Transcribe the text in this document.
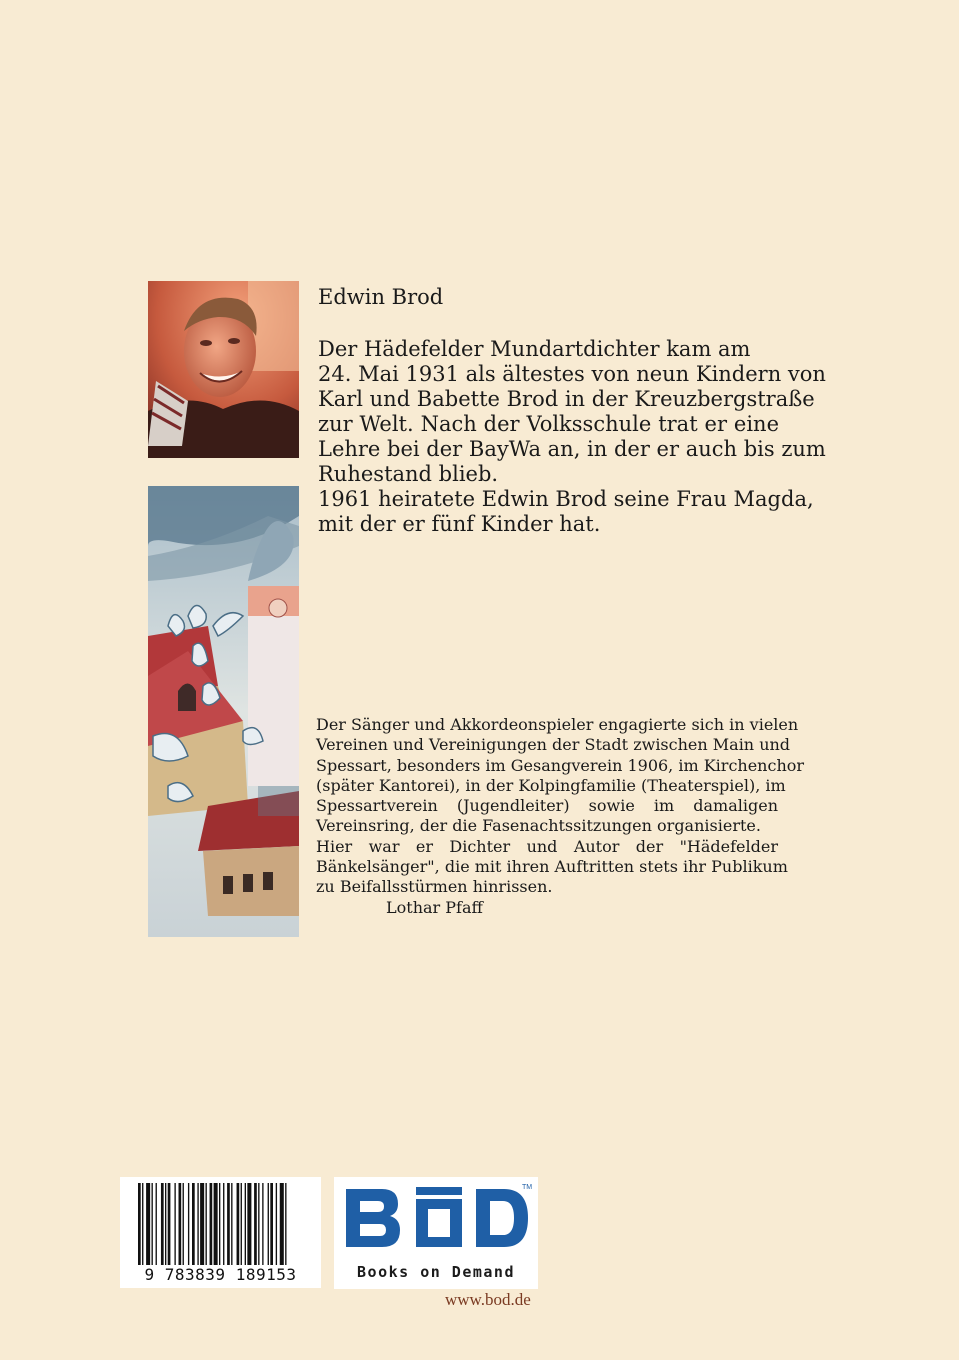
Edwin Brod
Der Hädefelder Mundartdichter kam am
24. Mai 1931 als ältestes von neun Kindern von
Karl und Babette Brod in der Kreuzbergstraße
zur Welt. Nach der Volksschule trat er eine
Lehre bei der BayWa an, in der er auch bis zum
Ruhestand blieb.
1961 heiratete Edwin Brod seine Frau Magda,
mit der er fünf Kinder hat.
Der Sänger und Akkordeonspieler engagierte sich in vielen
Vereinen und Vereinigungen der Stadt zwischen Main und
Spessart, besonders im Gesangverein 1906, im Kirchenchor
(später Kantorei), in der Kolpingfamilie (Theaterspiel), im
Spessartverein (Jugendleiter) sowie im damaligen
Vereinsring, der die Fasenachtssitzungen organisierte.
Hier war er Dichter und Autor der "Hädefelder
Bänkelsänger", die mit ihren Auftritten stets ihr Publikum
zu Beifallsstürmen hinrissen.
Lothar Pfaff
9 783839 189153
TM
Books on Demand
www.bod.de
